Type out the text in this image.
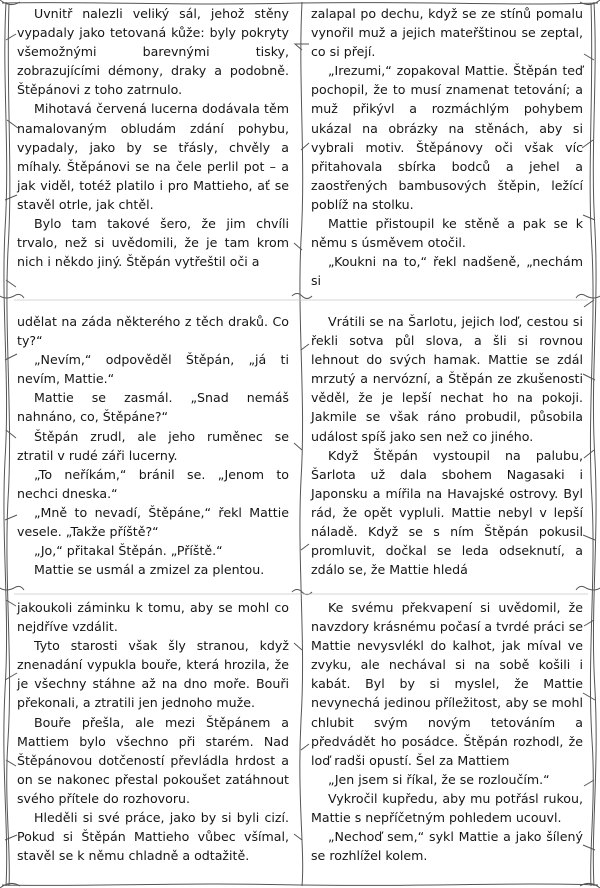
Uvnitř nalezli veliký sál, jehož stěny vypadaly jako tetovaná kůže: byly pokryty všemožnými barevnými tisky, zobrazujícími démony, draky a podobně. Štěpánovi z toho zatrnulo.

Mihotavá červená lucerna dodávala těm namalovaným obludám zdání pohybu, vypadaly, jako by se třásly, chvěly a míhaly. Štěpánovi se na čele perlil pot – a jak viděl, totéž platilo i pro Mattieho, ať se stavěl otrle, jak chtěl.

Bylo tam takové šero, že jim chvíli trvalo, než si uvědomili, že je tam krom nich i někdo jiný. Štěpán vytřeštil oči a

zalapal po dechu, když se ze stínů pomalu vynořil muž a jejich mateřštinou se zeptal, co si přejí.

„Irezumi,“ zopakoval Mattie. Štěpán teď pochopil, že to musí znamenat tetování; a muž přikývl a rozmáchlým pohybem ukázal na obrázky na stěnách, aby si vybrali motiv. Štěpánovy oči však víc přitahovala sbírka bodců a jehel a zaostřených bambusových štěpin, ležící poblíž na stolku.

Mattie přistoupil ke stěně a pak se k němu s úsměvem otočil.

„Koukni na to,“ řekl nadšeně, „nechám si

udělat na záda některého z těch draků. Co ty?“

„Nevím,“ odpověděl Štěpán, „já ti nevím, Mattie.“

Mattie se zasmál. „Snad nemáš nahnáno, co, Štěpáne?“

Štěpán zrudl, ale jeho ruměnec se ztratil v rudé záři lucerny.

„To neříkám,“ bránil se. „Jenom to nechci dneska.“

„Mně to nevadí, Štěpáne,“ řekl Mattie vesele. „Takže příště?“

„Jo,“ přitakal Štěpán. „Příště.“

Mattie se usmál a zmizel za plentou.

Vrátili se na Šarlotu, jejich loď, cestou si řekli sotva půl slova, a šli si rovnou lehnout do svých hamak. Mattie se zdál mrzutý a nervózní, a Štěpán ze zkušenosti věděl, že je lepší nechat ho na pokoji. Jakmile se však ráno probudil, působila událost spíš jako sen než co jiného.

Když Štěpán vystoupil na palubu, Šarlota už dala sbohem Nagasaki i Japonsku a mířila na Havajské ostrovy. Byl rád, že opět vypluli. Mattie nebyl v lepší náladě. Když se s ním Štěpán pokusil promluvit, dočkal se leda odseknutí, a zdálo se, že Mattie hledá

jakoukoli záminku k tomu, aby se mohl co nejdříve vzdálit.

Tyto starosti však šly stranou, když znenadání vypukla bouře, která hrozila, že je všechny stáhne až na dno moře. Bouři překonali, a ztratili jen jednoho muže.

Bouře přešla, ale mezi Štěpánem a Mattiem bylo všechno při starém. Nad Štěpánovou dotčeností převládla hrdost a on se nakonec přestal pokoušet zatáhnout svého přítele do rozhovoru.

Hleděli si své práce, jako by si byli cizí. Pokud si Štěpán Mattieho vůbec všímal, stavěl se k němu chladně a odtažitě.

Ke svému překvapení si uvědomil, že navzdory krásnému počasí a tvrdé práci se Mattie nevysvlékl do kalhot, jak míval ve zvyku, ale nechával si na sobě košili i kabát. Byl by si myslel, že Mattie nevynechá jedinou příležitost, aby se mohl chlubit svým novým tetováním a předvádět ho posádce. Štěpán rozhodl, že loď radši opustí. Šel za Mattiem

„Jen jsem si říkal, že se rozloučím.“

Vykročil kupředu, aby mu potřásl rukou, Mattie s nepříčetným pohledem ucouvl.

„Nechoď sem,“ sykl Mattie a jako šílený se rozhlížel kolem.
